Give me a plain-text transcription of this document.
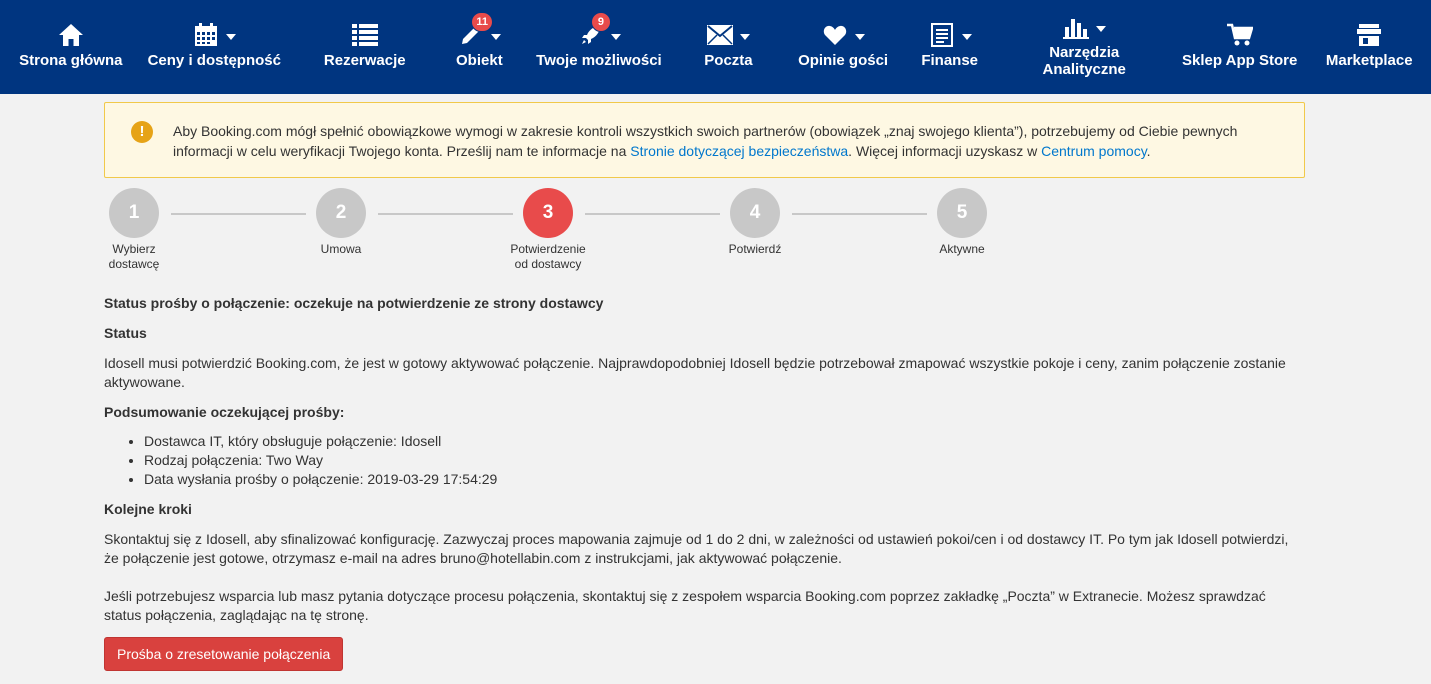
Strona główna Ceny i dostępność	Rezerwacje
11
Obiekt
9
Twoje możliwości	Poczta	Opinie gości Finanse	Narzędzia Analityczne
Sklep App Store Marketplace
!	Aby Booking.com mógł spełnić obowiązkowe wymogi w zakresie kontroli wszystkich swoich partnerów (obowiązek „znaj swojego klienta”), potrzebujemy od Ciebie pewnych informacji w celu weryfikacji Twojego konta. Prześlij nam te informacje na Stronie dotyczącej bezpieczeństwa. Więcej informacji uzyskasz w Centrum pomocy.
1
Wybierz dostawcę
2
Umowa
3
Potwierdzenie od dostawcy
4
Potwierdź
5
Aktywne
Status prośby o połączenie: oczekuje na potwierdzenie ze strony dostawcy
Status
Idosell musi potwierdzić Booking.com, że jest w gotowy aktywować połączenie. Najprawdopodobniej Idosell będzie potrzebował zmapować wszystkie pokoje i ceny, zanim połączenie zostanie aktywowane.
Podsumowanie oczekującej prośby:
• Dostawca IT, który obsługuje połączenie: Idosell
• Rodzaj połączenia: Two Way
• Data wysłania prośby o połączenie: 2019-03-29 17:54:29
Kolejne kroki
Skontaktuj się z Idosell, aby sfinalizować konfigurację. Zazwyczaj proces mapowania zajmuje od 1 do 2 dni, w zależności od ustawień pokoi/cen i od dostawcy IT. Po tym jak Idosell potwierdzi, że połączenie jest gotowe, otrzymasz e-mail na adres bruno@hotellabin.com z instrukcjami, jak aktywować połączenie.
Jeśli potrzebujesz wsparcia lub masz pytania dotyczące procesu połączenia, skontaktuj się z zespołem wsparcia Booking.com poprzez zakładkę „Poczta” w Extranecie. Możesz sprawdzać status połączenia, zaglądając na tę stronę.
Prośba o zresetowanie połączenia
